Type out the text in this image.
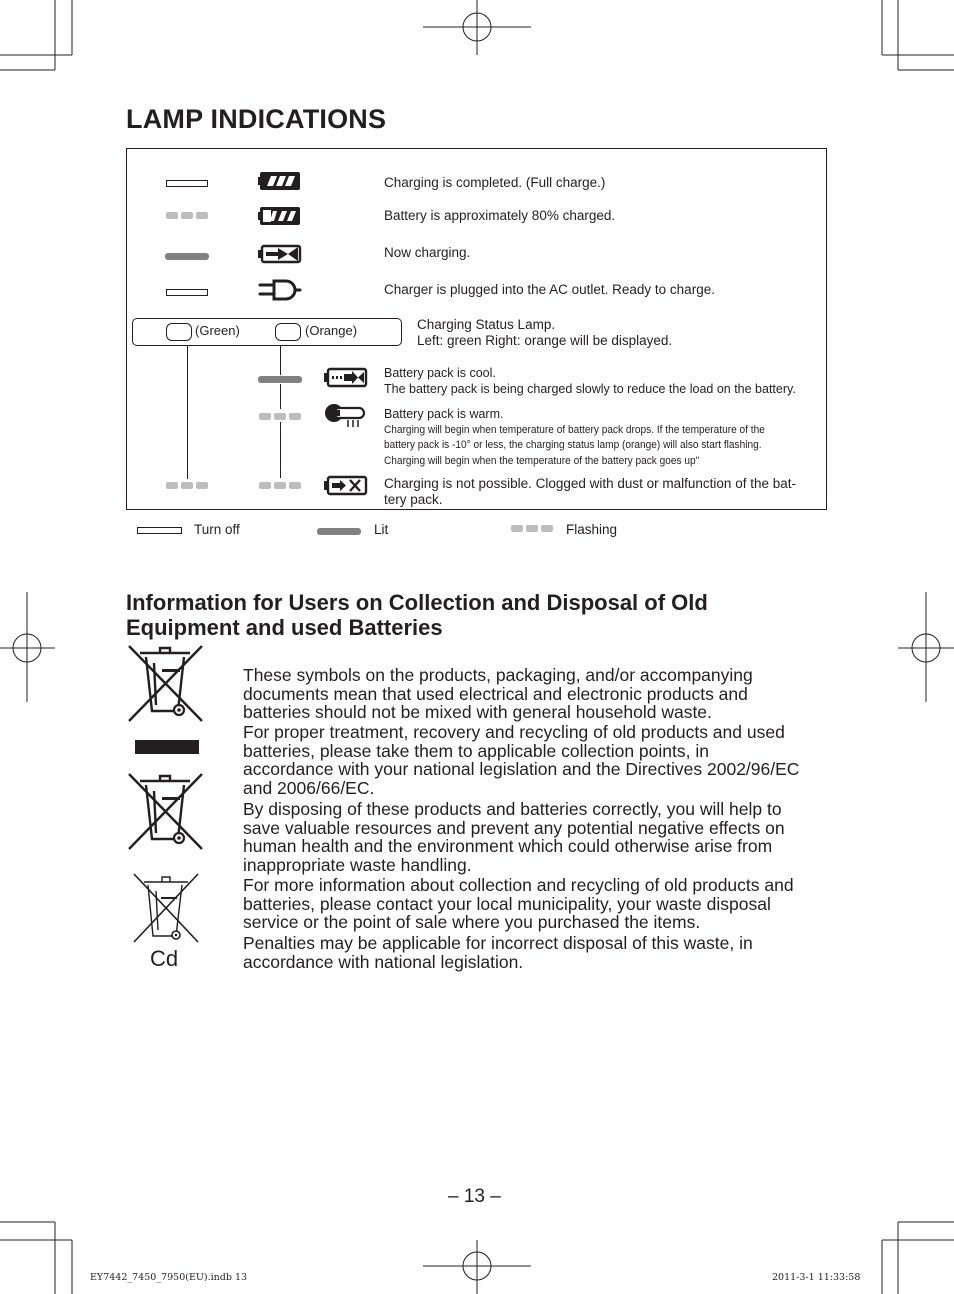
LAMP INDICATIONS
Charging is completed. (Full charge.)
Battery is approximately 80% charged.
Now charging.
Charger is plugged into the AC outlet. Ready to charge.
(Green)	(Orange)	Charging Status Lamp.
Left: green Right: orange will be displayed.
Battery pack is cool.
The battery pack is being charged slowly to reduce the load on the battery.
Battery pack is warm.
Charging will begin when temperature of battery pack drops. If the temperature of the
battery pack is -10° or less, the charging status lamp (orange) will also start flashing.
Charging will begin when the temperature of the battery pack goes up"
Charging is not possible. Clogged with dust or malfunction of the bat-
tery pack.
Turn off	Lit	Flashing
Information for Users on Collection and Disposal of Old
Equipment and used Batteries
Cd
These symbols on the products, packaging, and/or accompanying
documents mean that used electrical and electronic products and
batteries should not be mixed with general household waste.
For proper treatment, recovery and recycling of old products and used
batteries, please take them to applicable collection points, in
accordance with your national legislation and the Directives 2002/96/EC
and 2006/66/EC.
By disposing of these products and batteries correctly, you will help to
save valuable resources and prevent any potential negative effects on
human health and the environment which could otherwise arise from
inappropriate waste handling.
For more information about collection and recycling of old products and
batteries, please contact your local municipality, your waste disposal
service or the point of sale where you purchased the items.
Penalties may be applicable for incorrect disposal of this waste, in
accordance with national legislation.
– 13 –
EY7442_7450_7950(EU).indb 13	2011-3-1 11:33:58
